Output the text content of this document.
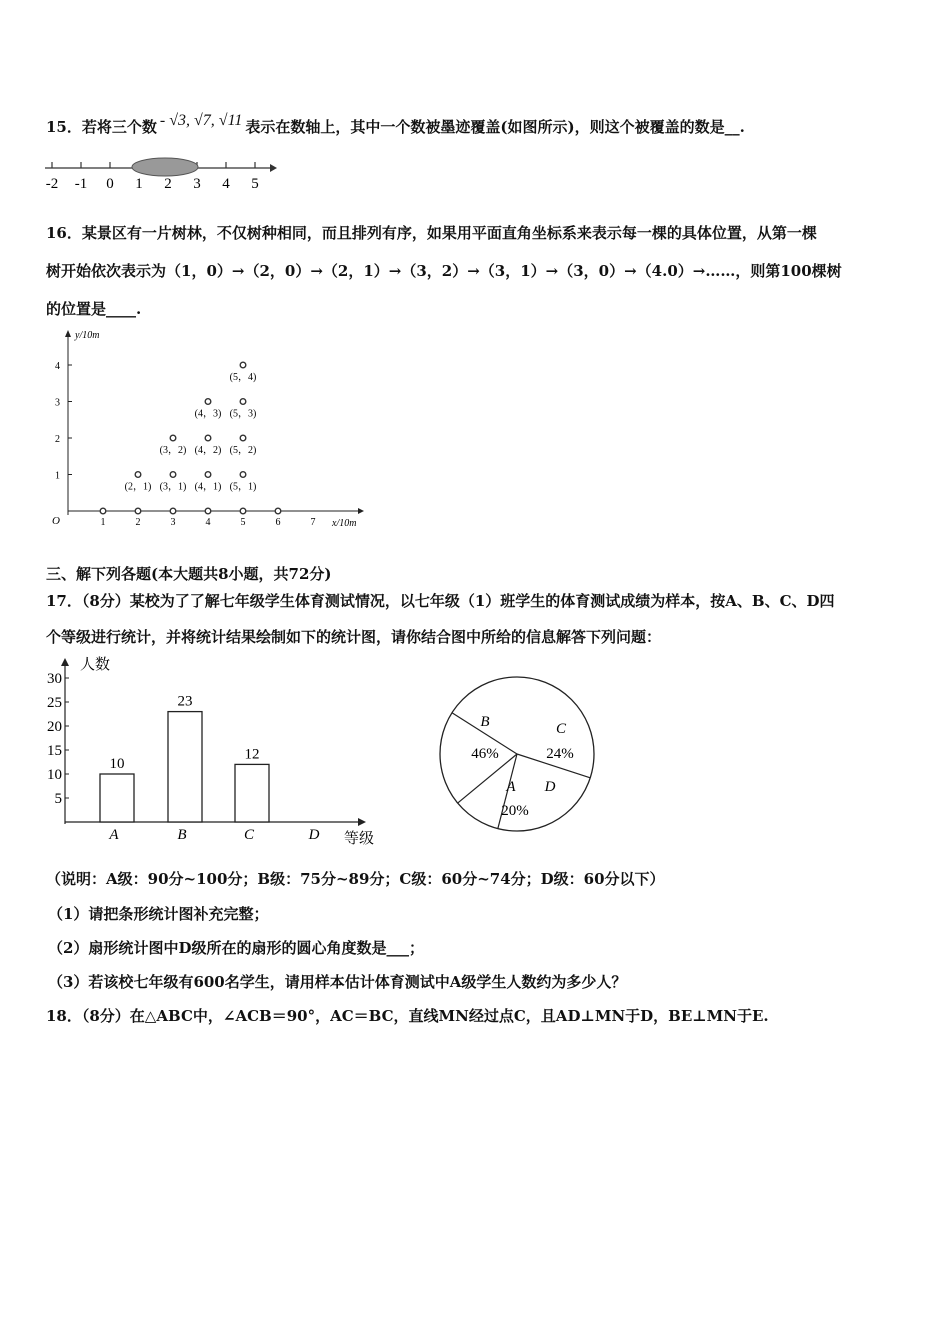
15．若将三个数 - √3, √7, √11 表示在数轴上，其中一个数被墨迹覆盖(如图所示)，则这个被覆盖的数是__.
-2 -1 0 1 2 3 4 5
16．某景区有一片树林，不仅树种相同，而且排列有序，如果用平面直角坐标系来表示每一棵的具体位置，从第一棵
树开始依次表示为（1，0）→（2，0）→（2，1）→（3，2）→（3，1）→（3，0）→（4.0）→……，则第100棵树
的位置是____.
y/10m
x/10m
O	1	2	3	4	5	6	7
1
2
3
4
(2，1) (3，1) (4，1) (5，1)
(3，2) (4，2) (5，2)
(4，3) (5，3)
(5，4)
三、解下列各题(本大题共8小题，共72分)
17．（8分）某校为了了解七年级学生体育测试情况，以七年级（1）班学生的体育测试成绩为样本，按A、B、C、D四
个等级进行统计，并将统计结果绘制如下的统计图，请你结合图中所给的信息解答下列问题：
人数
等级
5
10
15
20
25
30
10
A
23
B
12
C	D
B
46%
C
24%
D
A
20%
（说明：A级：90分~100分；B级：75分~89分；C级：60分~74分；D级：60分以下）
（1）请把条形统计图补充完整；
（2）扇形统计图中D级所在的扇形的圆心角度数是___；
（3）若该校七年级有600名学生，请用样本估计体育测试中A级学生人数约为多少人？
18．（8分）在△ABC中，∠ACB＝90°，AC＝BC，直线MN经过点C，且AD⊥MN于D，BE⊥MN于E.
